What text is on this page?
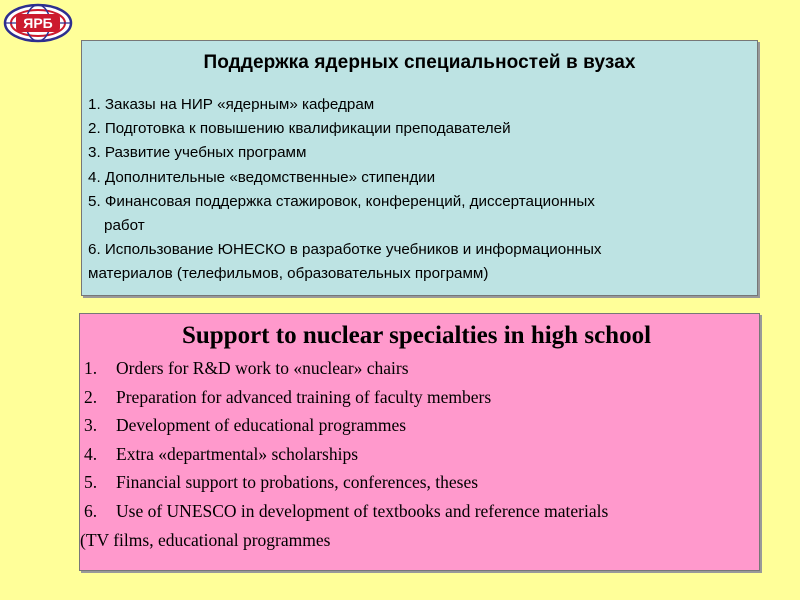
ЯРБ
Поддержка ядерных специальностей в вузах
1. Заказы на НИР «ядерным» кафедрам
2. Подготовка к повышению квалификации преподавателей
3. Развитие учебных программ
4. Дополнительные «ведомственные» стипендии
5. Финансовая поддержка стажировок, конференций, диссертационных
работ
6. Использование ЮНЕСКО в разработке учебников и информационных
материалов (телефильмов, образовательных программ)
Support to nuclear specialties in high school
1.	Orders for R&D work to «nuclear» chairs
2.	Preparation for advanced training of faculty members
3.	Development of educational programmes
4.	Extra «departmental» scholarships
5.	Financial support to probations, conferences, theses
6.	Use of UNESCO in development of textbooks and reference materials
(TV films, educational programmes
